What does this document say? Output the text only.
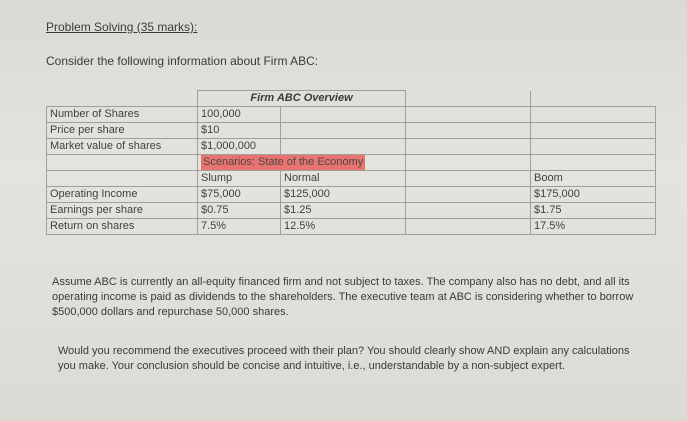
Problem Solving (35 marks):
Consider the following information about Firm ABC:
	Firm ABC Overview			
Number of Shares	100,000			
Price per share	$10			
Market value of shares	$1,000,000			
	Scenarios: State of the Economy			
	Slump	Normal		Boom
Operating Income	$75,000	$125,000		$175,000
Earnings per share	$0.75	$1.25		$1.75
Return on shares	7.5%	12.5%		17.5%
Assume ABC is currently an all-equity financed firm and not subject to taxes. The company also has no debt, and all its operating income is paid as dividends to the shareholders. The executive team at ABC is considering whether to borrow $500,000 dollars and repurchase 50,000 shares.
Would you recommend the executives proceed with their plan? You should clearly show AND explain any calculations you make. Your conclusion should be concise and intuitive, i.e., understandable by a non-subject expert.
